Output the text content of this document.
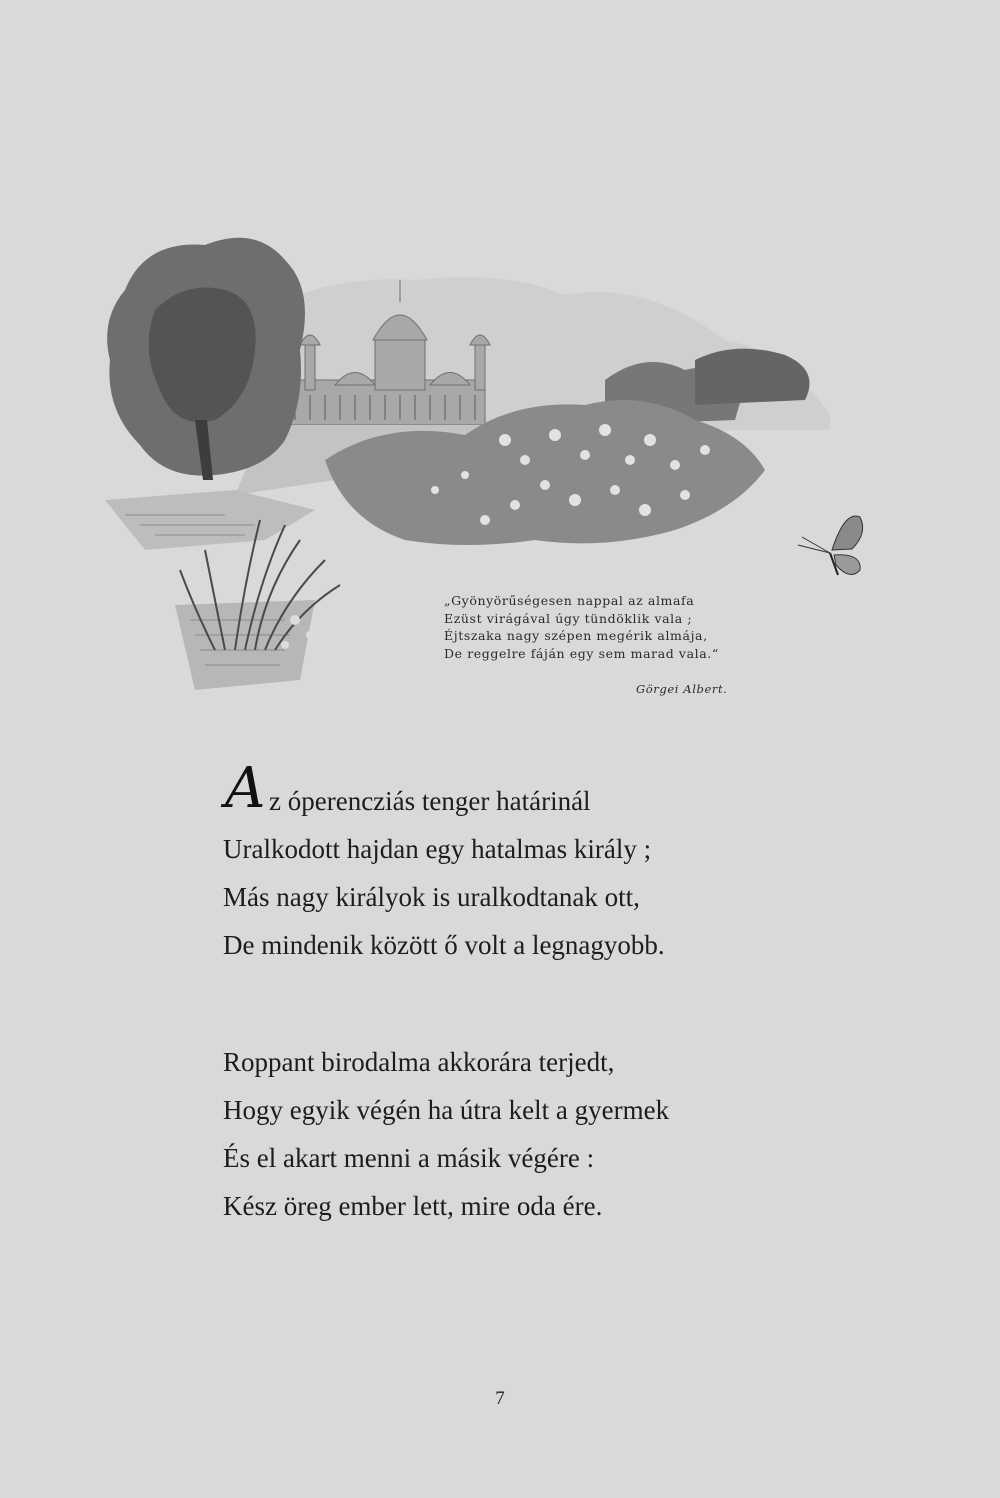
„Gyönyörűségesen nappal az almafa
Ezüst virágával úgy tündöklik vala ;
Éjtszaka nagy szépen megérik almája,
De reggelre fáján egy sem marad vala.“
Görgei Albert.
A z óperencziás tenger határinál
Uralkodott hajdan egy hatalmas király ;
Más nagy királyok is uralkodtanak ott,
De mindenik között ő volt a legnagyobb.
Roppant birodalma akkorára terjedt,
Hogy egyik végén ha útra kelt a gyermek
És el akart menni a másik végére :
Kész öreg ember lett, mire oda ére.
7
